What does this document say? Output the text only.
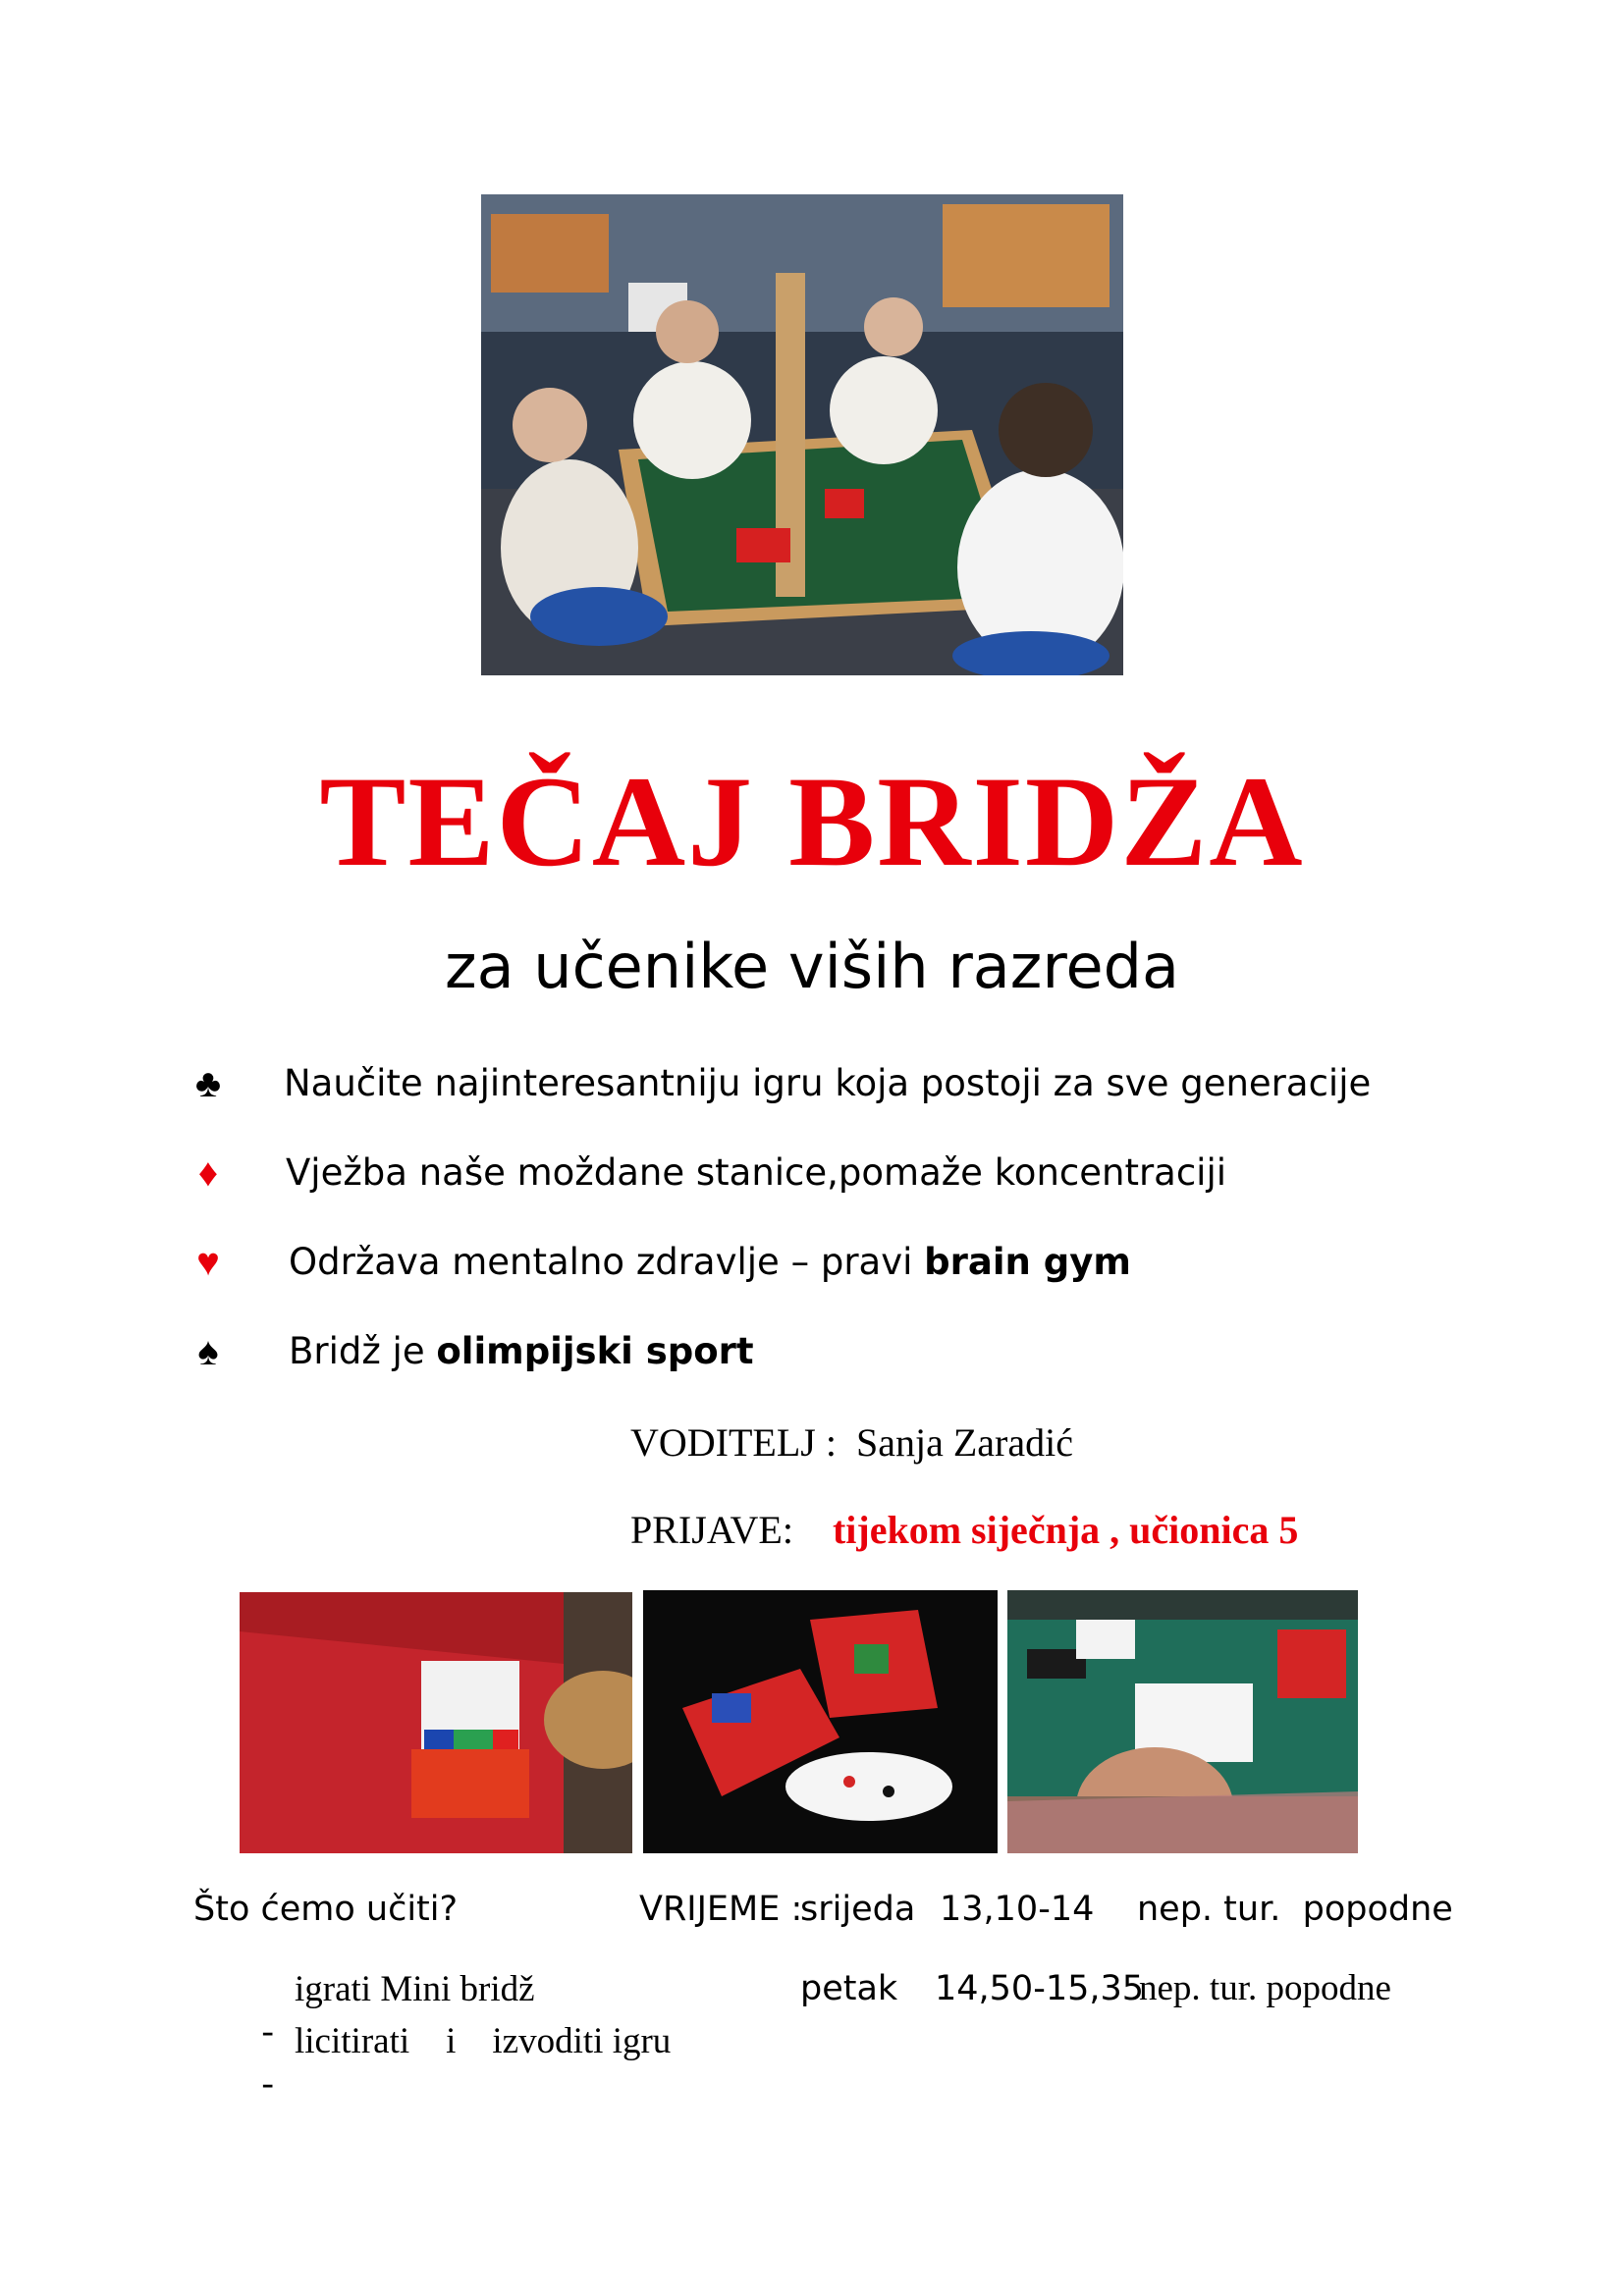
TEČAJ BRIDŽA
za učenike viših razreda
♣ Naučite najinteresantniju igru koja postoji za sve generacije
♦ Vježba naše moždane stanice,pomaže koncentraciji
♥ Održava mentalno zdravlje – pravi brain gym
♠ Bridž je olimpijski sport
VODITELJ : Sanja Zaradić
PRIJAVE: tijekom siječnja , učionica 5
Što ćemo učiti?

-
igrati Mini bridž

-
licitirati    i    izvoditi igru

VRIJEME :
srijeda 13,10-14 nep. tur.  popodne
petak 14,50-15,35
nep. tur. popodne
